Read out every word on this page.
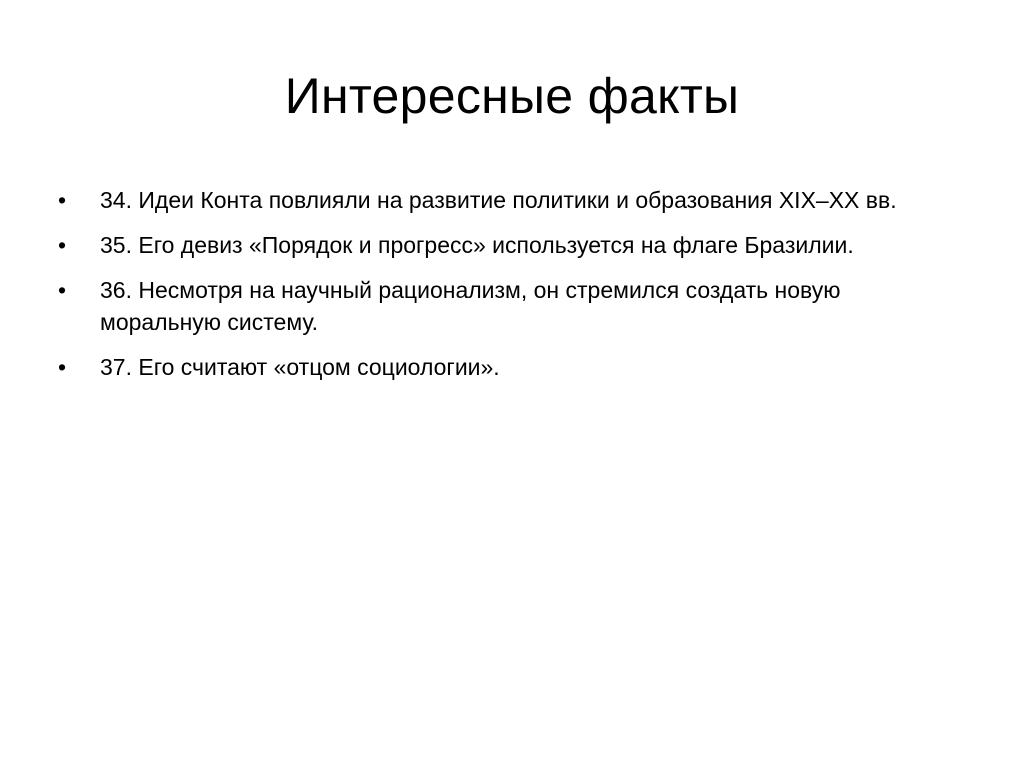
Интересные факты
•	34. Идеи Конта повлияли на развитие политики и образования XIX–XX вв.
•	35. Его девиз «Порядок и прогресс» используется на флаге Бразилии.
•	36. Несмотря на научный рационализм, он стремился создать новую моральную систему.
•	37. Его считают «отцом социологии».
